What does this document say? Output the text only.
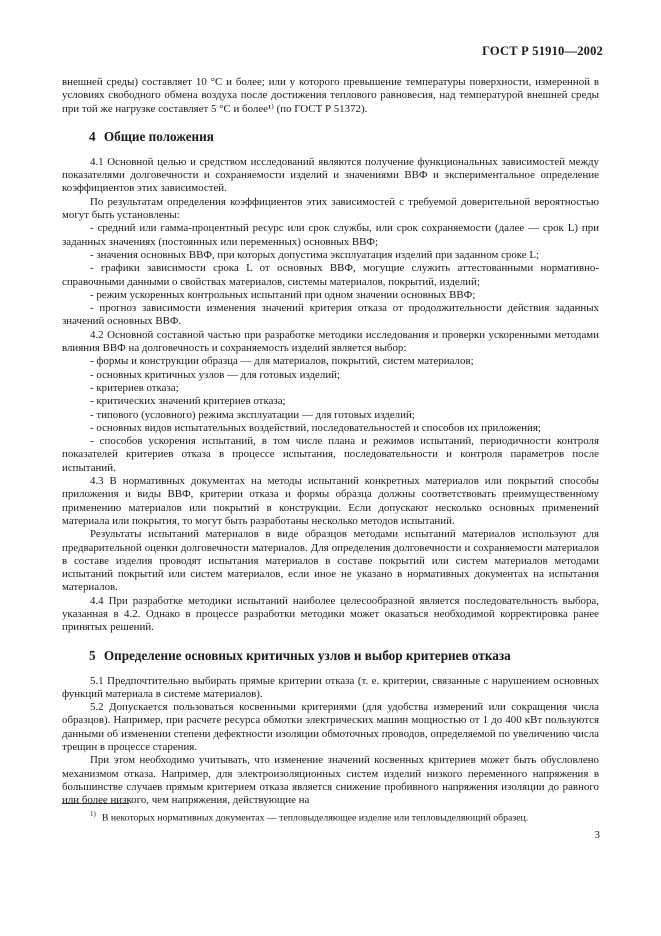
ГОСТ Р 51910—2002

внешней среды) составляет 10 °С и более; или у которого превышение температуры поверхности, измеренной в условиях свободного обмена воздуха после достижения теплового равновесия, над температурой внешней среды при той же нагрузке составляет 5 °С и более¹⁾ (по ГОСТ Р 51372).

4 Общие положения

4.1 Основной целью и средством исследований являются получение функциональных зависимостей между показателями долговечности и сохраняемости изделий и значениями ВВФ и экспериментальное определение коэффициентов этих зависимостей.

По результатам определения коэффициентов этих зависимостей с требуемой доверительной вероятностью могут быть установлены:

- средний или гамма-процентный ресурс или срок службы, или срок сохраняемости (далее — срок L) при заданных значениях (постоянных или переменных) основных ВВФ;

- значения основных ВВФ, при которых допустима эксплуатация изделий при заданном сроке L;

- графики зависимости срока L от основных ВВФ, могущие служить аттестованными нормативно-справочными данными о свойствах материалов, системы материалов, покрытий, изделий;

- режим ускоренных контрольных испытаний при одном значении основных ВВФ;

- прогноз зависимости изменения значений критерия отказа от продолжительности действия заданных значений основных ВВФ.

4.2 Основной составной частью при разработке методики исследования и проверки ускоренными методами влияния ВВФ на долговечность и сохраняемость изделий является выбор:

- формы и конструкции образца — для материалов, покрытий, систем материалов;

- основных критичных узлов — для готовых изделий;

- критериев отказа;

- критических значений критериев отказа;

- типового (условного) режима эксплуатации — для готовых изделий;

- основных видов испытательных воздействий, последовательностей и способов их приложения;

- способов ускорения испытаний, в том числе плана и режимов испытаний, периодичности контроля показателей критериев отказа в процессе испытания, последовательности и контроля параметров после испытаний.

4.3 В нормативных документах на методы испытаний конкретных материалов или покрытий способы приложения и виды ВВФ, критерии отказа и формы образца должны соответствовать преимущественному применению материалов или покрытий в конструкции. Если допускают несколько основных применений материала или покрытия, то могут быть разработаны несколько методов испытаний.

Результаты испытаний материалов в виде образцов методами испытаний материалов используют для предварительной оценки долговечности материалов. Для определения долговечности и сохраняемости материалов в составе изделия проводят испытания материалов в составе покрытий или систем материалов методами испытаний покрытий или систем материалов, если иное не указано в нормативных документах на испытания материалов.

4.4 При разработке методики испытаний наиболее целесообразной является последовательность выбора, указанная в 4.2. Однако в процессе разработки методики может оказаться необходимой корректировка ранее принятых решений.

5 Определение основных критичных узлов и выбор критериев отказа

5.1 Предпочтительно выбирать прямые критерии отказа (т. е. критерии, связанные с нарушением основных функций материала в системе материалов).

5.2 Допускается пользоваться косвенными критериями (для удобства измерений или сокращения числа образцов). Например, при расчете ресурса обмотки электрических машин мощностью от 1 до 400 кВт пользуются данными об изменении степени дефектности изоляции обмоточных проводов, определяемой по увеличению числа трещин в процессе старения.

При этом необходимо учитывать, что изменение значений косвенных критериев может быть обусловлено механизмом отказа. Например, для электроизоляционных систем изделий низкого переменного напряжения в большинстве случаев прямым критерием отказа является снижение пробивного напряжения изоляции до равного или более низкого, чем напряжения, действующие на

$^{1)}$ В некоторых нормативных документах — тепловыделяющее изделие или тепловыделяющий образец.
3
